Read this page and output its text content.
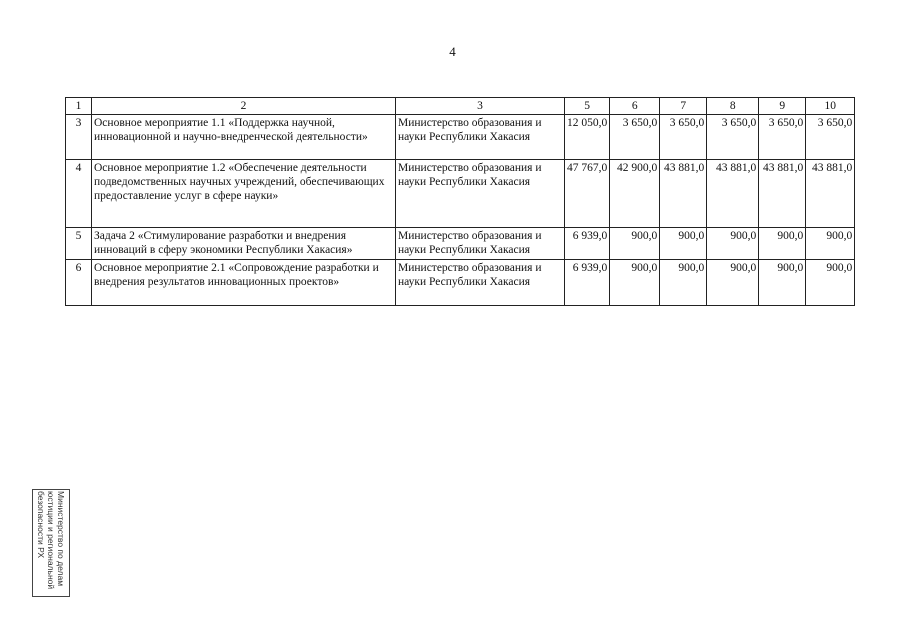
4
1	2	3	5	6	7	8	9	10
3	Основное мероприятие 1.1 «Поддержка научной, инновационной и научно-внедренческой деятельности»	Министерство образования и науки Республики Хакасия	12 050,0	3 650,0	3 650,0	3 650,0	3 650,0	3 650,0
4	Основное мероприятие 1.2 «Обеспечение деятельности подведомственных научных учреждений, обеспечивающих предоставление услуг в сфере науки»	Министерство образования и науки Республики Хакасия	47 767,0	42 900,0	43 881,0	43 881,0	43 881,0	43 881,0
5	Задача 2 «Стимулирование разработки и внедрения инноваций в сферу экономики Республики Хакасия»	Министерство образования и науки Республики Хакасия	6 939,0	900,0	900,0	900,0	900,0	900,0
6	Основное мероприятие 2.1 «Сопровождение разработки и внедрения результатов инновационных проектов»	Министерство образования и науки Республики Хакасия	6 939,0	900,0	900,0	900,0	900,0	900,0
Министерство по делам
юстиции и региональной
безопасности РХ
